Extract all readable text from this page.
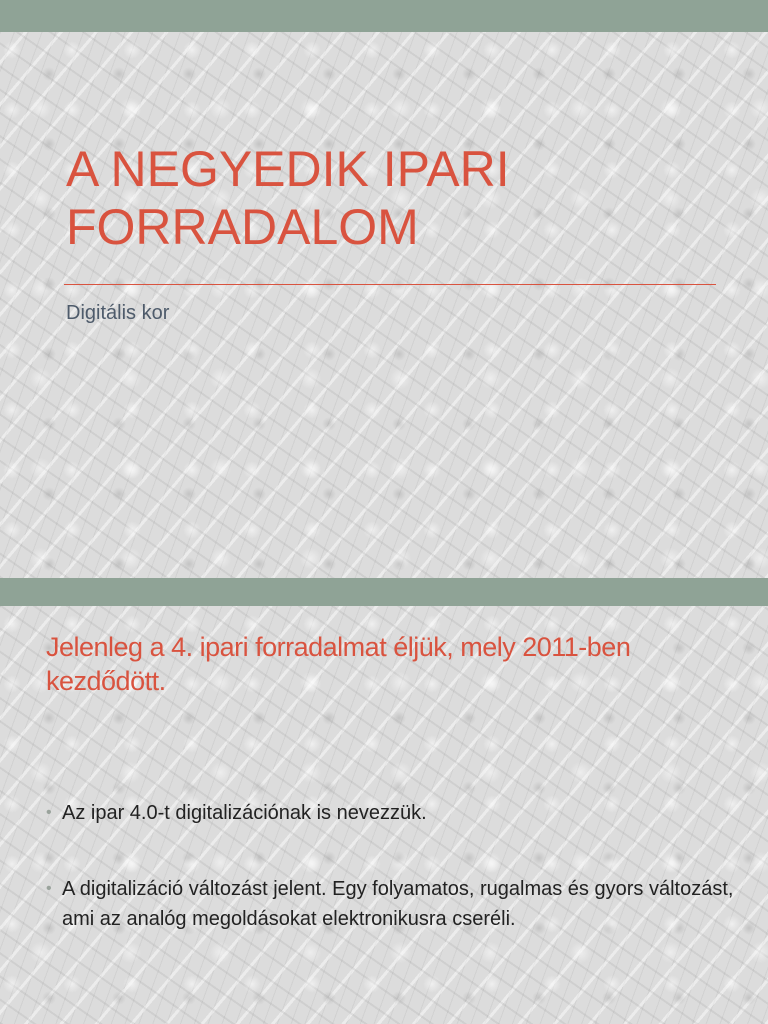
A NEGYEDIK IPARI FORRADALOM

Digitális kor

Jelenleg a 4. ipari forradalmat éljük, mely 2011-ben kezdődött.
• Az ipar 4.0-t digitalizációnak is nevezzük.
• A digitalizáció változást jelent. Egy folyamatos, rugalmas és gyors változást, ami az analóg megoldásokat elektronikusra cseréli.
